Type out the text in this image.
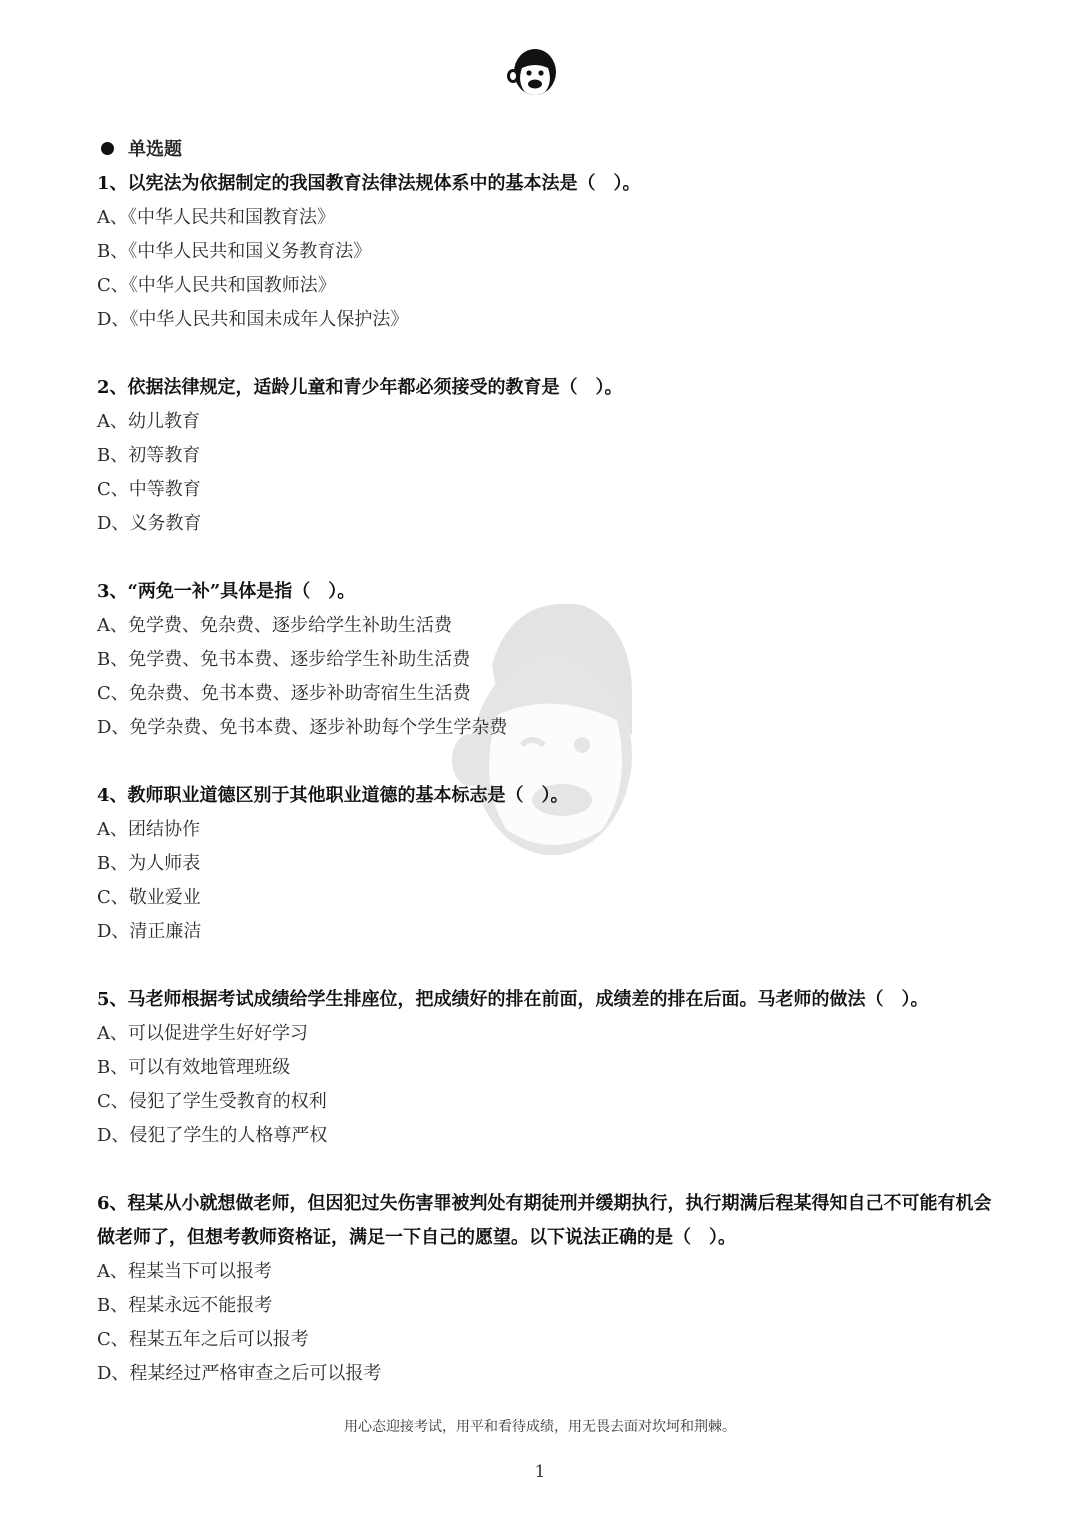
单选题
1、以宪法为依据制定的我国教育法律法规体系中的基本法是（　）。
A、《中华人民共和国教育法》
B、《中华人民共和国义务教育法》
C、《中华人民共和国教师法》
D、《中华人民共和国未成年人保护法》
2、依据法律规定，适龄儿童和青少年都必须接受的教育是（　）。
A、幼儿教育
B、初等教育
C、中等教育
D、义务教育
3、“两免一补”具体是指（　）。
A、免学费、免杂费、逐步给学生补助生活费
B、免学费、免书本费、逐步给学生补助生活费
C、免杂费、免书本费、逐步补助寄宿生生活费
D、免学杂费、免书本费、逐步补助每个学生学杂费
4、教师职业道德区别于其他职业道德的基本标志是（　）。
A、团结协作
B、为人师表
C、敬业爱业
D、清正廉洁
5、马老师根据考试成绩给学生排座位，把成绩好的排在前面，成绩差的排在后面。马老师的做法（　）。
A、可以促进学生好好学习
B、可以有效地管理班级
C、侵犯了学生受教育的权利
D、侵犯了学生的人格尊严权
6、程某从小就想做老师，但因犯过失伤害罪被判处有期徒刑并缓期执行，执行期满后程某得知自己不可能有机会做老师了，但想考教师资格证，满足一下自己的愿望。以下说法正确的是（　）。
A、程某当下可以报考
B、程某永远不能报考
C、程某五年之后可以报考
D、程某经过严格审查之后可以报考
用心态迎接考试，用平和看待成绩，用无畏去面对坎坷和荆棘。
1
